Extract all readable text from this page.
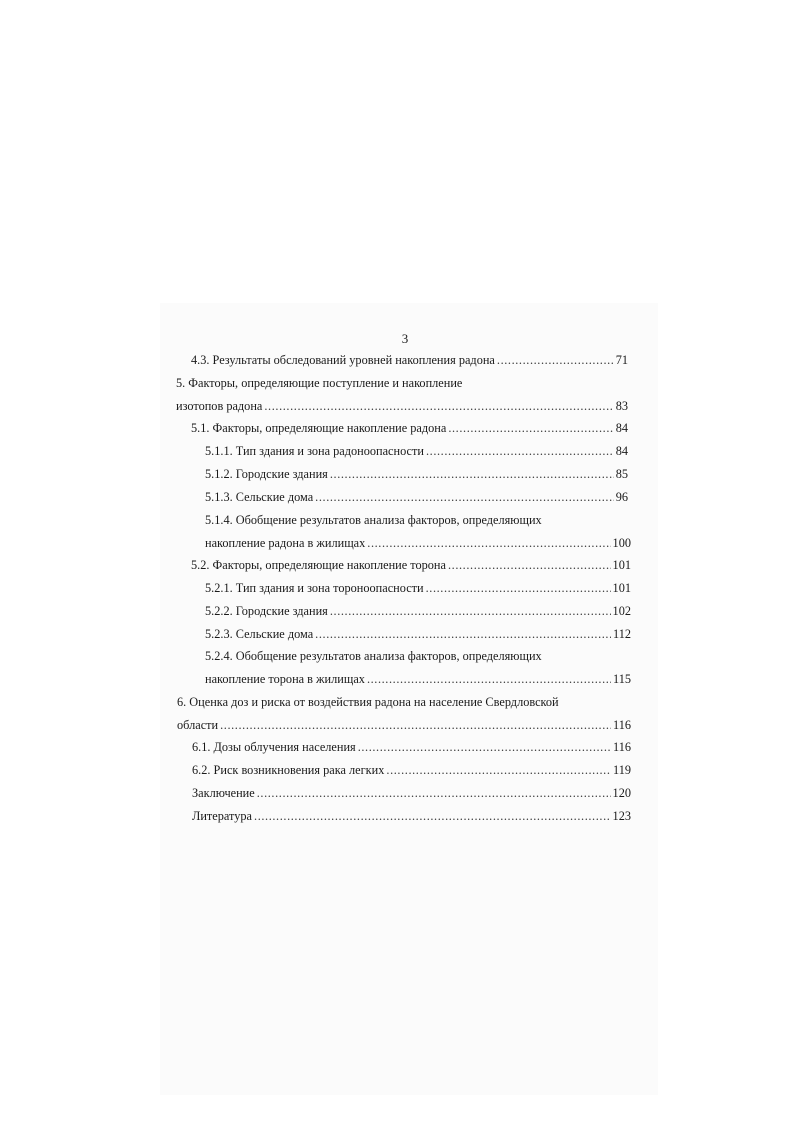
3
4.3. Результаты обследований уровней накопления радона .....	71
5. Факторы, определяющие поступление и накопление
изотопов радона .....	83
5.1. Факторы, определяющие накопление радона .....	84
5.1.1. Тип здания и зона радоноопасности .....	84
5.1.2. Городские здания .....	85
5.1.3. Сельские дома .....	96
5.1.4. Обобщение результатов анализа факторов, определяющих
накопление радона в жилищах .....	100
5.2. Факторы, определяющие накопление торона .....	101
5.2.1. Тип здания и зона тороноопасности .....	101
5.2.2. Городские здания .....	102
5.2.3. Сельские дома .....	112
5.2.4. Обобщение результатов анализа факторов, определяющих
накопление торона в жилищах .....	115
6. Оценка доз и риска от воздействия радона на население Свердловской
области .....	116
6.1. Дозы облучения населения .....	116
6.2. Риск возникновения рака легких .....	119
Заключение .....	120
Литература .....	123
